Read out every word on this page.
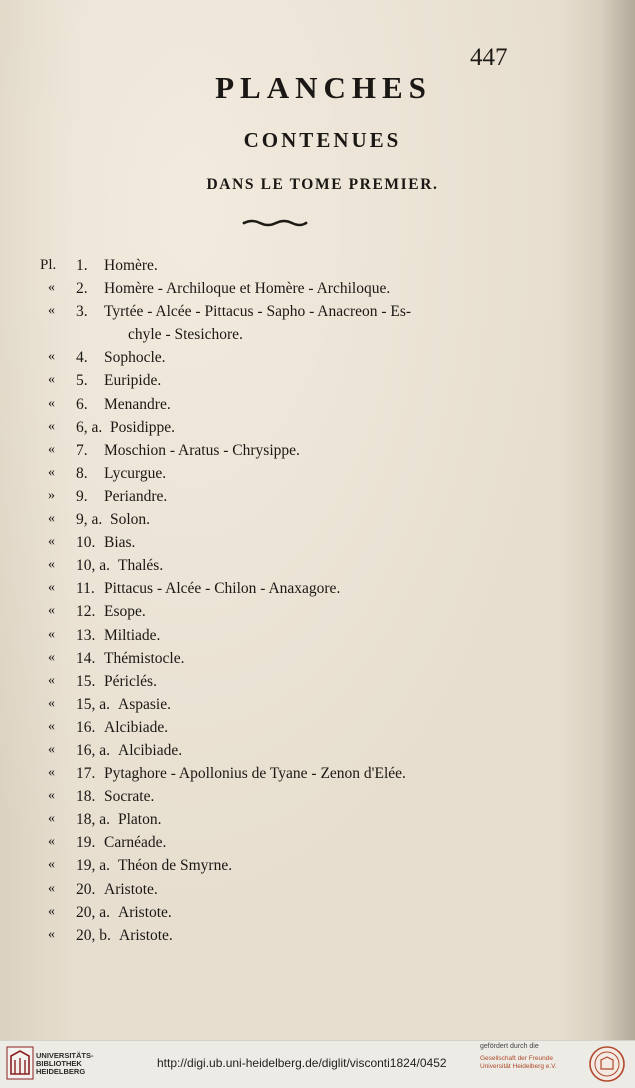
447
PLANCHES
CONTENUES
DANS LE TOME PREMIER.
Pl. 1. Homère.
« 2. Homère - Archiloque et Homère - Archiloque.
« 3. Tyrtée - Alcée - Pittacus - Sapho - Anacreon - Es-
chyle - Stesichore.
« 4. Sophocle.
« 5. Euripide.
« 6. Menandre.
« 6, a. Posidippe.
« 7. Moschion - Aratus - Chrysippe.
« 8. Lycurgue.
» 9. Periandre.
« 9, a. Solon.
« 10. Bias.
« 10, a. Thalés.
« 11. Pittacus - Alcée - Chilon - Anaxagore.
« 12. Esope.
« 13. Miltiade.
« 14. Thémistocle.
« 15. Périclés.
« 15, a. Aspasie.
« 16. Alcibiade.
« 16, a. Alcibiade.
« 17. Pytaghore - Apollonius de Tyane - Zenon d'Elée.
« 18. Socrate.
« 18, a. Platon.
« 19. Carnéade.
« 19, a. Théon de Smyrne.
« 20. Aristote.
« 20, a. Aristote.
« 20, b. Aristote.
UNIVERSITÄTS-
BIBLIOTHEK
HEIDELBERG
http://digi.ub.uni-heidelberg.de/diglit/visconti1824/0452
gefördert durch die
Gesellschaft der Freunde
Universität Heidelberg e.V.
